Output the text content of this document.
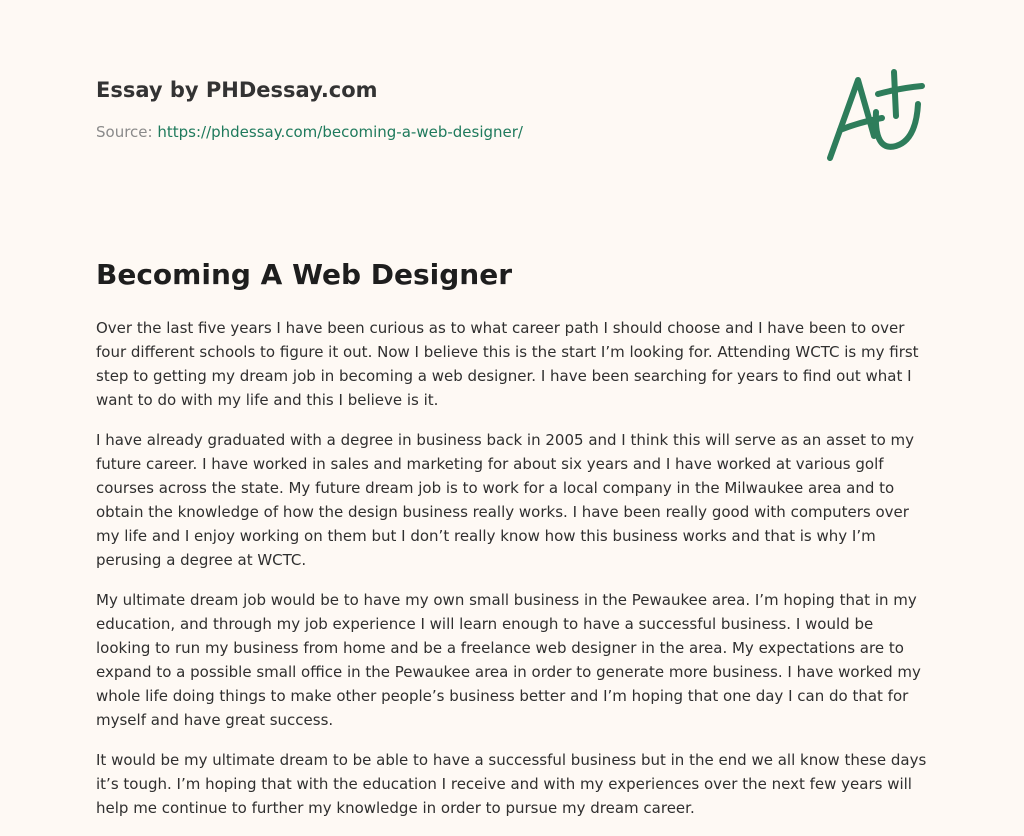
Essay by PHDessay.com
Source: https://phdessay.com/becoming-a-web-designer/
Becoming A Web Designer

Over the last five years I have been curious as to what career path I should choose and I have been to over four different schools to figure it out. Now I believe this is the start I’m looking for. Attending WCTC is my first step to getting my dream job in becoming a web designer. I have been searching for years to find out what I want to do with my life and this I believe is it.

I have already graduated with a degree in business back in 2005 and I think this will serve as an asset to my future career. I have worked in sales and marketing for about six years and I have worked at various golf courses across the state. My future dream job is to work for a local company in the Milwaukee area and to obtain the knowledge of how the design business really works. I have been really good with computers over my life and I enjoy working on them but I don’t really know how this business works and that is why I’m perusing a degree at WCTC.

My ultimate dream job would be to have my own small business in the Pewaukee area. I’m hoping that in my education, and through my job experience I will learn enough to have a successful business. I would be looking to run my business from home and be a freelance web designer in the area. My expectations are to expand to a possible small office in the Pewaukee area in order to generate more business. I have worked my whole life doing things to make other people’s business better and I’m hoping that one day I can do that for myself and have great success.

It would be my ultimate dream to be able to have a successful business but in the end we all know these days it’s tough. I’m hoping that with the education I receive and with my experiences over the next few years will help me continue to further my knowledge in order to pursue my dream career.
